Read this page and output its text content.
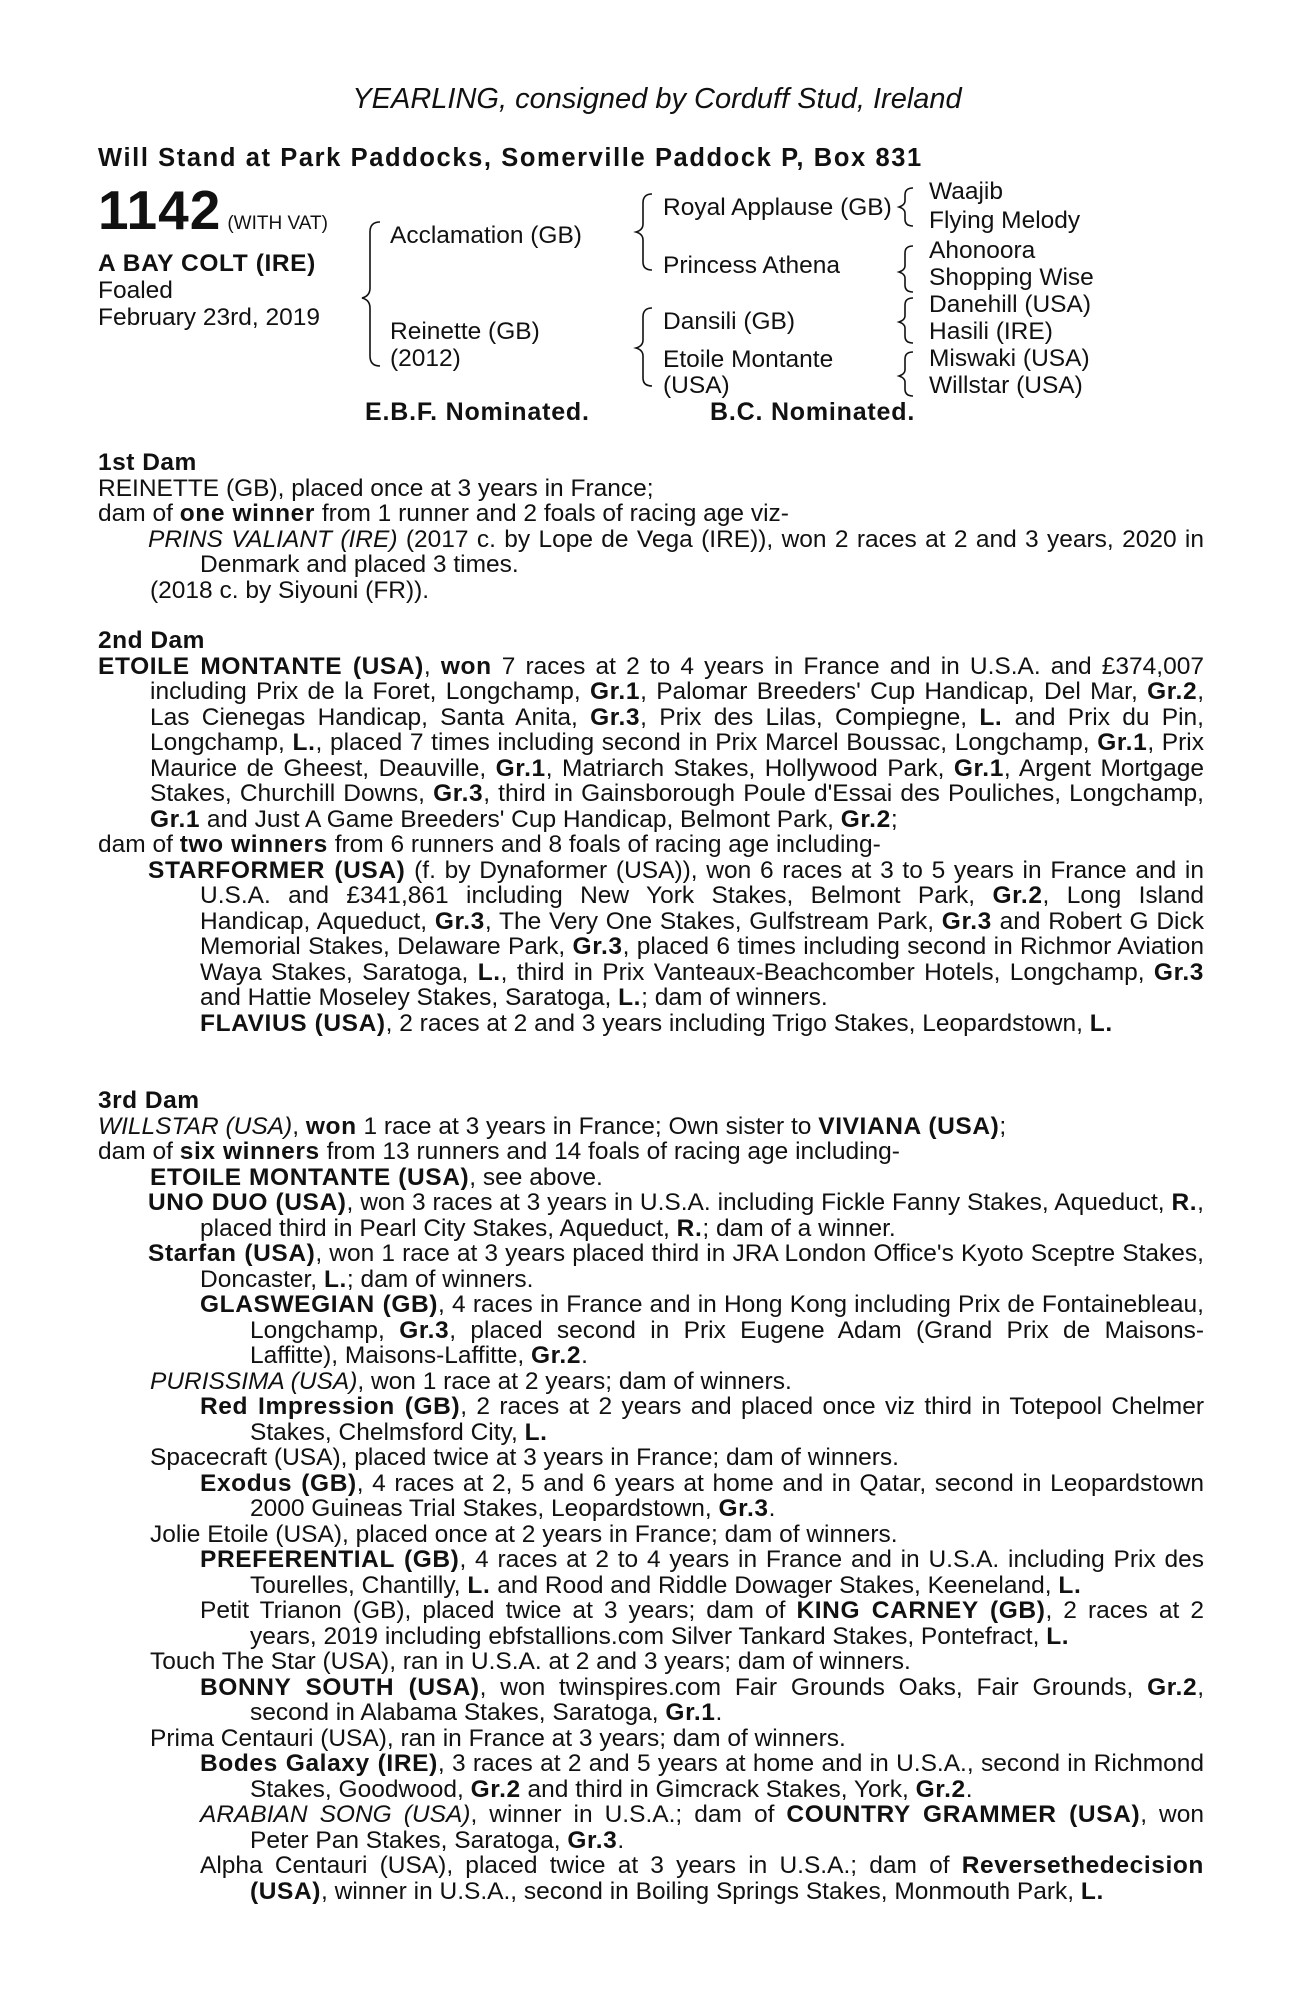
YEARLING, consigned by Corduff Stud, Ireland
Will Stand at Park Paddocks, Somerville Paddock P, Box 831
1142 (WITH VAT)
A BAY COLT (IRE)
Foaled
February 23rd, 2019
Acclamation (GB)
Reinette (GB)
(2012)
Royal Applause (GB)
Princess Athena
Dansili (GB)
Etoile Montante
(USA)
Waajib
Flying Melody
Ahonoora
Shopping Wise
Danehill (USA)
Hasili (IRE)
Miswaki (USA)
Willstar (USA)
E.B.F. Nominated.	B.C. Nominated.

1st Dam

REINETTE (GB), placed once at 3 years in France;

dam of one winner from 1 runner and 2 foals of racing age viz-

PRINS VALIANT (IRE) (2017 c. by Lope de Vega (IRE)), won 2 races at 2 and 3 years, 2020 in Denmark and placed 3 times.

(2018 c. by Siyouni (FR)).

2nd Dam

ETOILE MONTANTE (USA), won 7 races at 2 to 4 years in France and in U.S.A. and £374,007 including Prix de la Foret, Longchamp, Gr.1, Palomar Breeders' Cup Handicap, Del Mar, Gr.2, Las Cienegas Handicap, Santa Anita, Gr.3, Prix des Lilas, Compiegne, L. and Prix du Pin, Longchamp, L., placed 7 times including second in Prix Marcel Boussac, Longchamp, Gr.1, Prix Maurice de Gheest, Deauville, Gr.1, Matriarch Stakes, Hollywood Park, Gr.1, Argent Mortgage Stakes, Churchill Downs, Gr.3, third in Gainsborough Poule d'Essai des Pouliches, Longchamp, Gr.1 and Just A Game Breeders' Cup Handicap, Belmont Park, Gr.2;

dam of two winners from 6 runners and 8 foals of racing age including-

STARFORMER (USA) (f. by Dynaformer (USA)), won 6 races at 3 to 5 years in France and in U.S.A. and £341,861 including New York Stakes, Belmont Park, Gr.2, Long Island Handicap, Aqueduct, Gr.3, The Very One Stakes, Gulfstream Park, Gr.3 and Robert G Dick Memorial Stakes, Delaware Park, Gr.3, placed 6 times including second in Richmor Aviation Waya Stakes, Saratoga, L., third in Prix Vanteaux-Beachcomber Hotels, Longchamp, Gr.3 and Hattie Moseley Stakes, Saratoga, L.; dam of winners.

FLAVIUS (USA), 2 races at 2 and 3 years including Trigo Stakes, Leopardstown, L.

3rd Dam

WILLSTAR (USA), won 1 race at 3 years in France; Own sister to VIVIANA (USA);

dam of six winners from 13 runners and 14 foals of racing age including-

ETOILE MONTANTE (USA), see above.

UNO DUO (USA), won 3 races at 3 years in U.S.A. including Fickle Fanny Stakes, Aqueduct, R., placed third in Pearl City Stakes, Aqueduct, R.; dam of a winner.

Starfan (USA), won 1 race at 3 years placed third in JRA London Office's Kyoto Sceptre Stakes, Doncaster, L.; dam of winners.

GLASWEGIAN (GB), 4 races in France and in Hong Kong including Prix de Fontainebleau, Longchamp, Gr.3, placed second in Prix Eugene Adam (Grand Prix de Maisons-Laffitte), Maisons-Laffitte, Gr.2.

PURISSIMA (USA), won 1 race at 2 years; dam of winners.

Red Impression (GB), 2 races at 2 years and placed once viz third in Totepool Chelmer Stakes, Chelmsford City, L.

Spacecraft (USA), placed twice at 3 years in France; dam of winners.

Exodus (GB), 4 races at 2, 5 and 6 years at home and in Qatar, second in Leopardstown 2000 Guineas Trial Stakes, Leopardstown, Gr.3.

Jolie Etoile (USA), placed once at 2 years in France; dam of winners.

PREFERENTIAL (GB), 4 races at 2 to 4 years in France and in U.S.A. including Prix des Tourelles, Chantilly, L. and Rood and Riddle Dowager Stakes, Keeneland, L.

Petit Trianon (GB), placed twice at 3 years; dam of KING CARNEY (GB), 2 races at 2 years, 2019 including ebfstallions.com Silver Tankard Stakes, Pontefract, L.

Touch The Star (USA), ran in U.S.A. at 2 and 3 years; dam of winners.

BONNY SOUTH (USA), won twinspires.com Fair Grounds Oaks, Fair Grounds, Gr.2, second in Alabama Stakes, Saratoga, Gr.1.

Prima Centauri (USA), ran in France at 3 years; dam of winners.

Bodes Galaxy (IRE), 3 races at 2 and 5 years at home and in U.S.A., second in Richmond Stakes, Goodwood, Gr.2 and third in Gimcrack Stakes, York, Gr.2.

ARABIAN SONG (USA), winner in U.S.A.; dam of COUNTRY GRAMMER (USA), won Peter Pan Stakes, Saratoga, Gr.3.

Alpha Centauri (USA), placed twice at 3 years in U.S.A.; dam of Reversethedecision (USA), winner in U.S.A., second in Boiling Springs Stakes, Monmouth Park, L.
